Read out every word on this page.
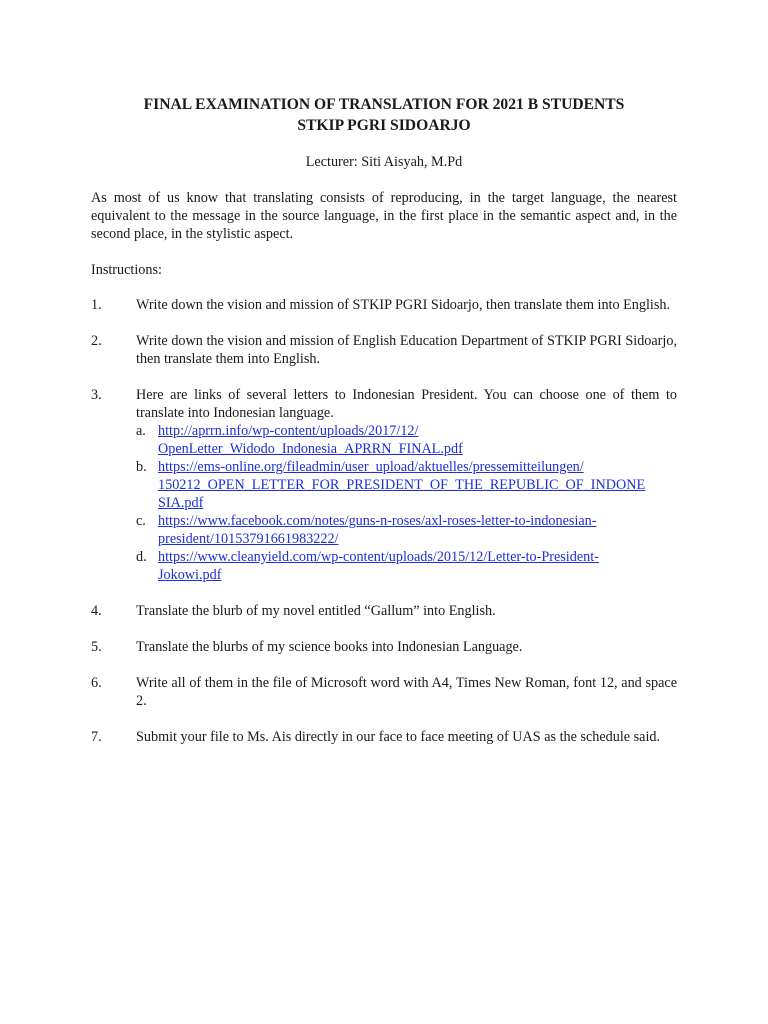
FINAL EXAMINATION OF TRANSLATION FOR 2021 B STUDENTS
STKIP PGRI SIDOARJO

Lecturer: Siti Aisyah, M.Pd

As most of us know that translating consists of reproducing, in the target language, the nearest equivalent to the message in the source language, in the first place in the semantic aspect and, in the second place, in the stylistic aspect.

Instructions:

1. Write down the vision and mission of STKIP PGRI Sidoarjo, then translate them into English.
2. Write down the vision and mission of English Education Department of STKIP PGRI Sidoarjo, then translate them into English.
3. Here are links of several letters to Indonesian President. You can choose one of them to translate into Indonesian language.
a. http://aprrn.info/wp-content/uploads/2017/12/
OpenLetter_Widodo_Indonesia_APRRN_FINAL.pdf
b. https://ems-online.org/fileadmin/user_upload/aktuelles/pressemitteilungen/
150212_OPEN_LETTER_FOR_PRESIDENT_OF_THE_REPUBLIC_OF_INDONE
SIA.pdf
c. https://www.facebook.com/notes/guns-n-roses/axl-roses-letter-to-indonesian-
president/10153791661983222/
d. https://www.cleanyield.com/wp-content/uploads/2015/12/Letter-to-President-
Jokowi.pdf
4. Translate the blurb of my novel entitled “Gallum” into English.
5. Translate the blurbs of my science books into Indonesian Language.
6. Write all of them in the file of Microsoft word with A4, Times New Roman, font 12, and space 2.
7. Submit your file to Ms. Ais directly in our face to face meeting of UAS as the schedule said.
